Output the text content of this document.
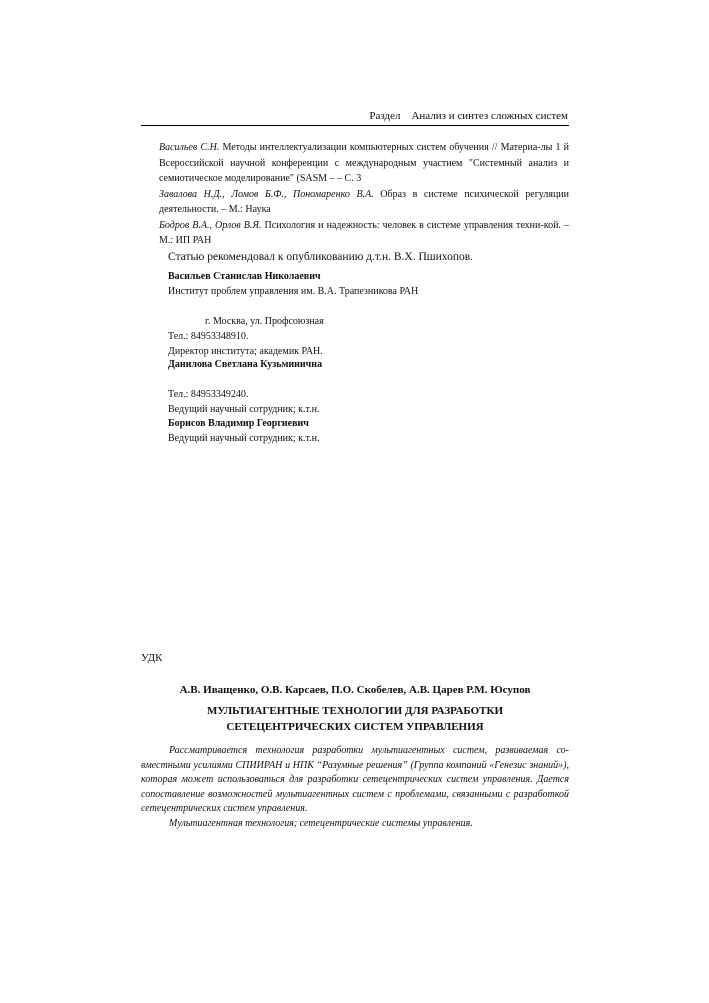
Раздел Анализ и синтез сложных систем
Васильев С.Н. Методы интеллектуализации компьютерных систем обучения // Материа-лы 1 й Всероссийской научной конференции с международным участием "Системный анализ и семиотическое моделирование" (SASM – – С. 3
Завалова Н.Д., Ломов Б.Ф., Пономаренко В.А. Образ в системе психической регуляции деятельности. – М.: Наука
Бодров В.А., Орлов В.Я. Психология и надежность: человек в системе управления техни-кой. – М.: ИП РАН
Статью рекомендовал к опубликованию д.т.н. В.Х. Пшихопов.
Васильев Станислав Николаевич
Институт проблем управления им. В.А. Трапезникова РАН
г. Москва, ул. Профсоюзная
Тел.: 84953348910.
Директор института; академик РАН.
Данилова Светлана Кузьминична
Тел.: 84953349240.
Ведущий научный сотрудник; к.т.н.
Борисов Владимир Георгиевич
Ведущий научный сотрудник; к.т.н.
УДК
А.В. Иващенко, О.В. Карсаев, П.О. Скобелев, А.В. Царев Р.М. Юсупов
МУЛЬТИАГЕНТНЫЕ ТЕХНОЛОГИИ ДЛЯ РАЗРАБОТКИ
СЕТЕЦЕНТРИЧЕСКИХ СИСТЕМ УПРАВЛЕНИЯ

Рассматривается технология разработки мультиагентных систем, развиваемая со-вместными усилиями СПИИРАН и НПК “Разумные решения” (Группа компаний «Генезис знаний»), которая может использоваться для разработки сетецентрических систем управления. Дается сопоставление возможностей мультиагентных систем с проблемами, связанными с разработкой сетецентрических систем управления.

Мультиагентная технология; сетецентрические системы управления.
